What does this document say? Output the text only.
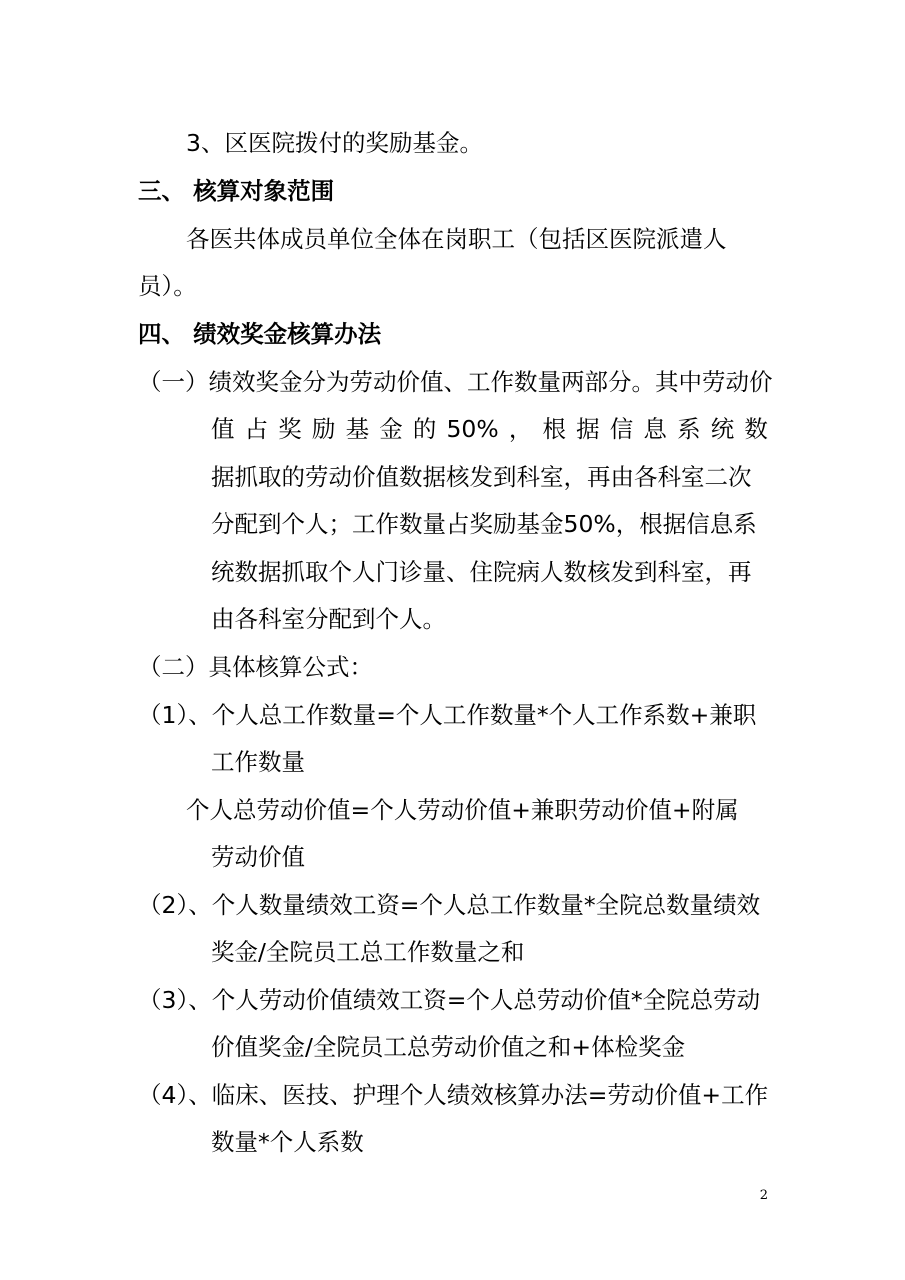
3、区医院拨付的奖励基金。
三、 核算对象范围
各医共体成员单位全体在岗职工（包括区医院派遣人
员）。
四、 绩效奖金核算办法
（一）绩效奖金分为劳动价值、工作数量两部分。其中劳动价
值 占 奖 励 基 金 的 50% ， 根 据 信 息 系 统 数
据抓取的劳动价值数据核发到科室，再由各科室二次
分配到个人；工作数量占奖励基金50%，根据信息系
统数据抓取个人门诊量、住院病人数核发到科室，再
由各科室分配到个人。
（二）具体核算公式：
（1）、个人总工作数量=个人工作数量*个人工作系数+兼职
工作数量
个人总劳动价值=个人劳动价值+兼职劳动价值+附属
劳动价值
（2）、个人数量绩效工资=个人总工作数量*全院总数量绩效
奖金/全院员工总工作数量之和
（3）、个人劳动价值绩效工资=个人总劳动价值*全院总劳动
价值奖金/全院员工总劳动价值之和+体检奖金
（4）、临床、医技、护理个人绩效核算办法=劳动价值+工作
数量*个人系数
2
